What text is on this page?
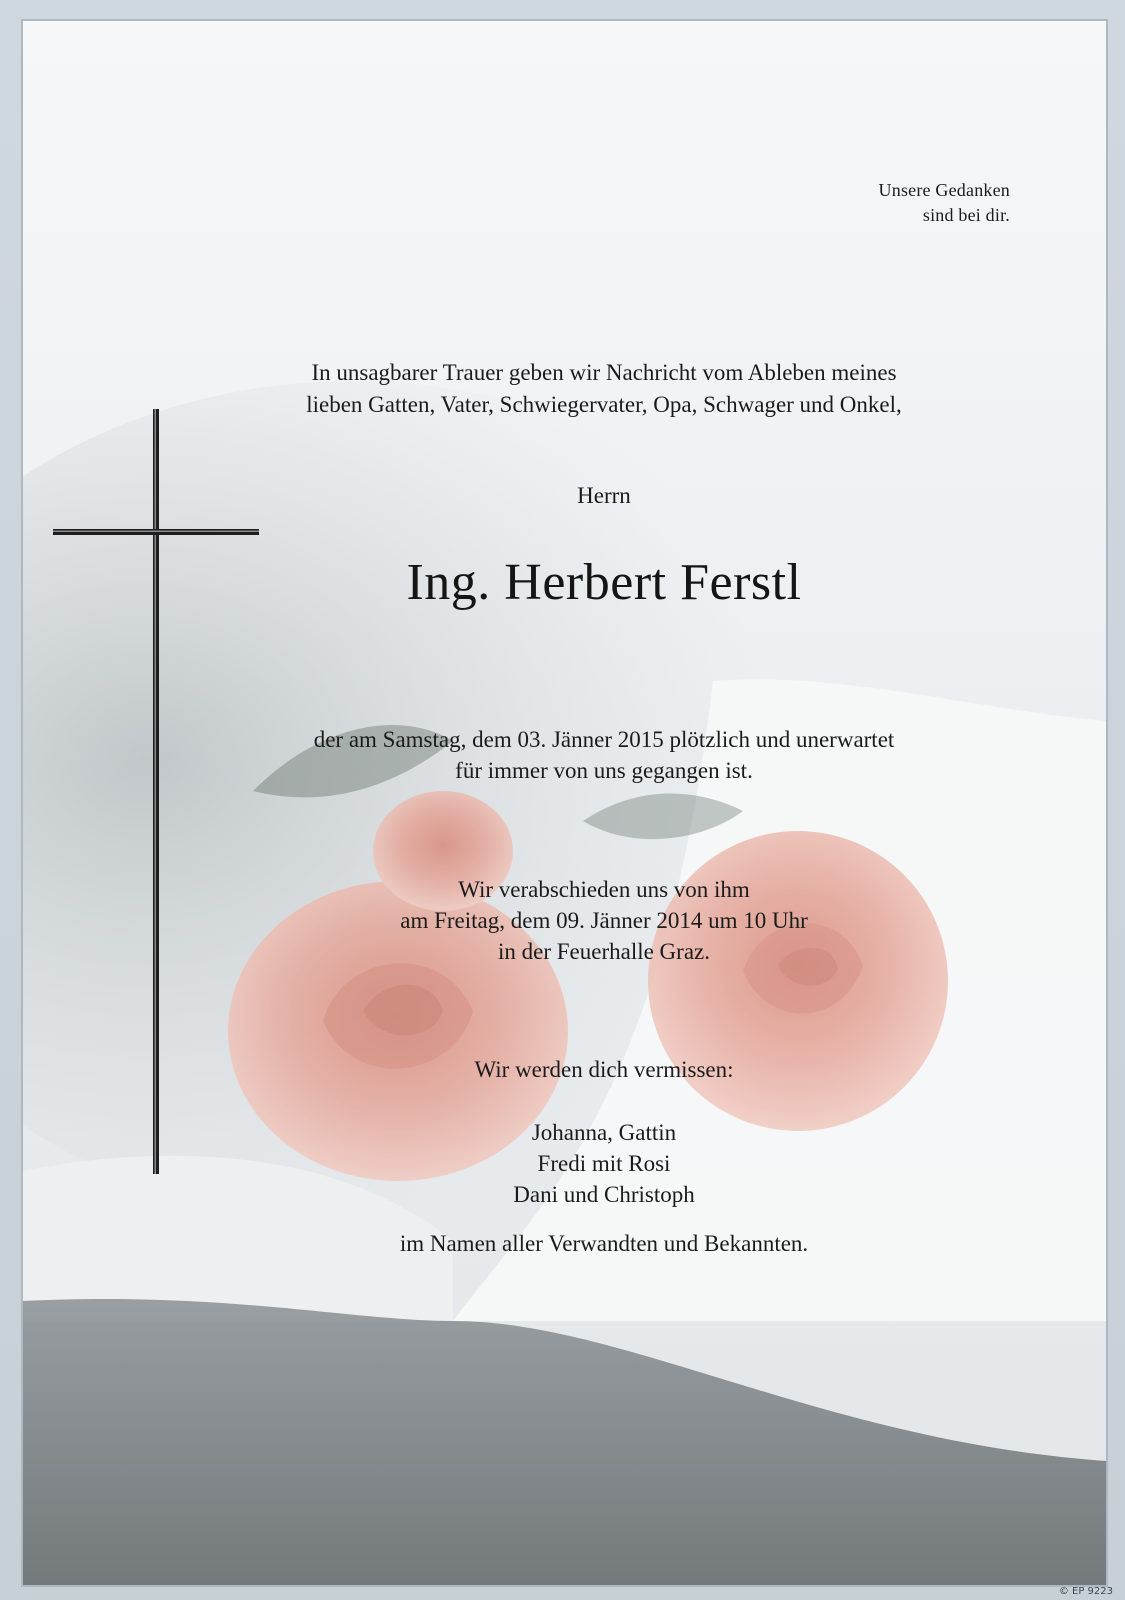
Unsere Gedanken
sind bei dir.
In unsagbarer Trauer geben wir Nachricht vom Ableben meines
lieben Gatten, Vater, Schwiegervater, Opa, Schwager und Onkel,
Herrn
Ing. Herbert Ferstl
der am Samstag, dem 03. Jänner 2015 plötzlich und unerwartet
für immer von uns gegangen ist.
Wir verabschieden uns von ihm
am Freitag, dem 09. Jänner 2014 um 10 Uhr
in der Feuerhalle Graz.
Wir werden dich vermissen:
Johanna, Gattin
Fredi mit Rosi
Dani und Christoph
im Namen aller Verwandten und Bekannten.
© EP 9223
